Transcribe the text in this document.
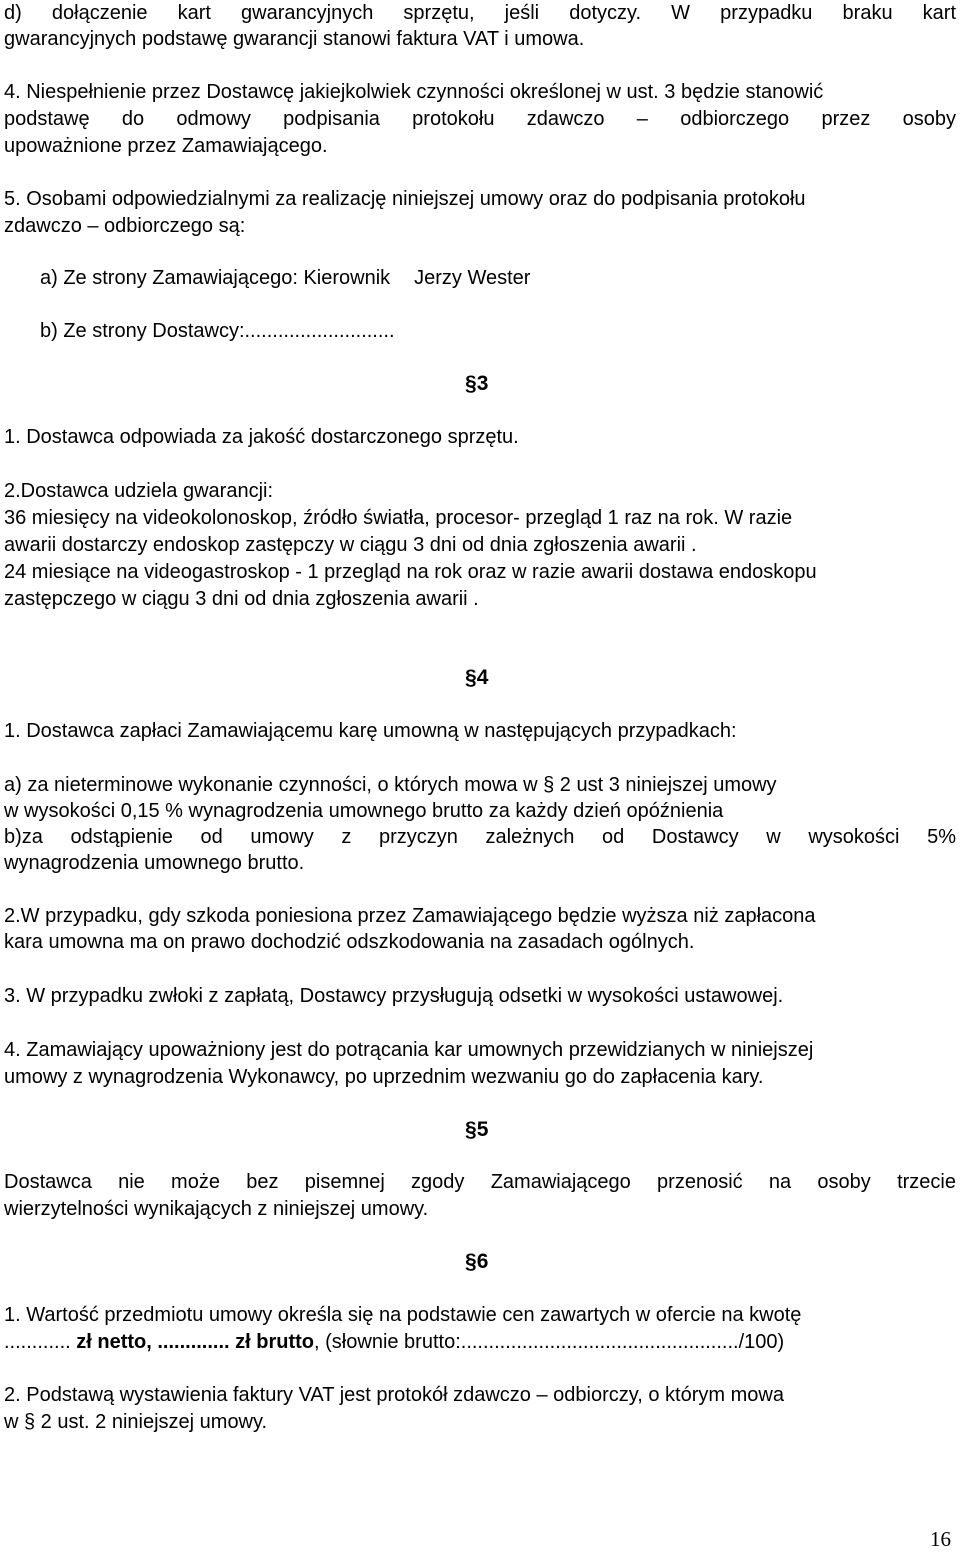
d) dołączenie kart gwarancyjnych sprzętu, jeśli dotyczy. W przypadku braku kart
gwarancyjnych podstawę gwarancji stanowi faktura VAT i umowa.
4. Niespełnienie przez Dostawcę jakiejkolwiek czynności określonej w ust. 3 będzie stanowić
podstawę do odmowy podpisania protokołu zdawczo – odbiorczego przez osoby
upoważnione przez Zamawiającego.
5. Osobami odpowiedzialnymi za realizację niniejszej umowy oraz do podpisania protokołu
zdawczo – odbiorczego są:
a) Ze strony Zamawiającego: Kierownik Jerzy Wester
b) Ze strony Dostawcy:...........................
§3
1. Dostawca odpowiada za jakość dostarczonego sprzętu.
2.Dostawca udziela gwarancji:
36 miesięcy na videokolonoskop, źródło światła, procesor- przegląd 1 raz na rok. W razie
awarii dostarczy endoskop zastępczy w ciągu 3 dni od dnia zgłoszenia awarii .
24 miesiące na videogastroskop - 1 przegląd na rok oraz w razie awarii dostawa endoskopu
zastępczego w ciągu 3 dni od dnia zgłoszenia awarii .
§4
1. Dostawca zapłaci Zamawiającemu karę umowną w następujących przypadkach:
a) za nieterminowe wykonanie czynności, o których mowa w § 2 ust 3 niniejszej umowy
w wysokości 0,15 % wynagrodzenia umownego brutto za każdy dzień opóźnienia
b)za odstąpienie od umowy z przyczyn zależnych od Dostawcy w wysokości 5%
wynagrodzenia umownego brutto.
2.W przypadku, gdy szkoda poniesiona przez Zamawiającego będzie wyższa niż zapłacona
kara umowna ma on prawo dochodzić odszkodowania na zasadach ogólnych.
3. W przypadku zwłoki z zapłatą, Dostawcy przysługują odsetki w wysokości ustawowej.
4. Zamawiający upoważniony jest do potrącania kar umownych przewidzianych w niniejszej
umowy z wynagrodzenia Wykonawcy, po uprzednim wezwaniu go do zapłacenia kary.
§5
Dostawca nie może bez pisemnej zgody Zamawiającego przenosić na osoby trzecie
wierzytelności wynikających z niniejszej umowy.
§6
1. Wartość przedmiotu umowy określa się na podstawie cen zawartych w ofercie na kwotę
............ zł netto, ............. zł brutto, (słownie brutto:................................................../100)
2. Podstawą wystawienia faktury VAT jest protokół zdawczo – odbiorczy, o którym mowa
w § 2 ust. 2 niniejszej umowy.
16
